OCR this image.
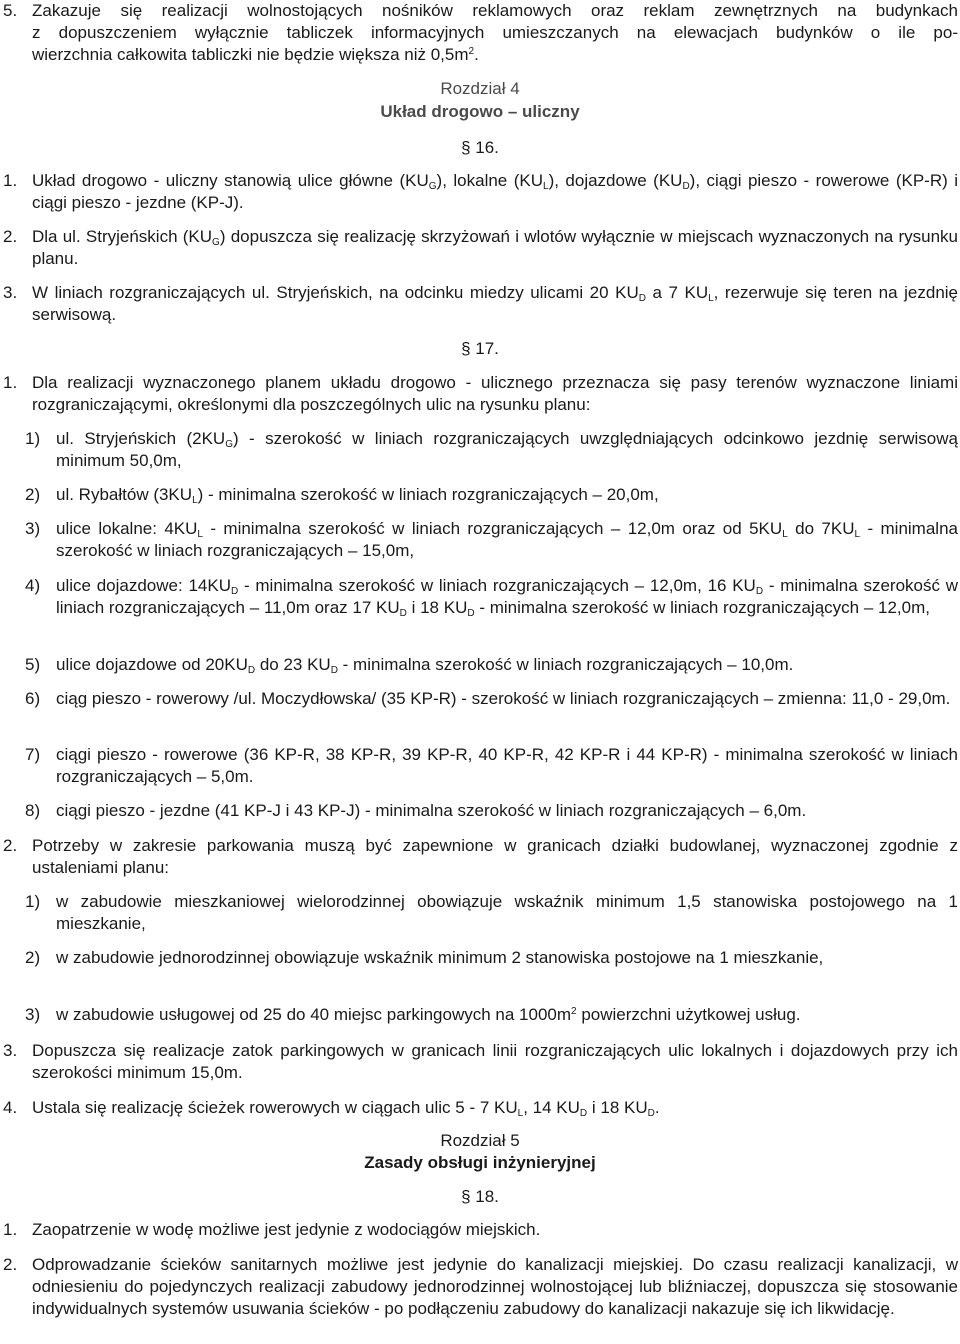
5. Zakazuje się realizacji wolnostojących nośników reklamowych oraz reklam zewnętrznych na budynkach
z dopuszczeniem wyłącznie tabliczek informacyjnych umieszczanych na elewacjach budynków o ile po-
wierzchnia całkowita tabliczki nie będzie większa niż $0,5m^2$.
Rozdział 4
Układ drogowo – uliczny
§ 16.
1. Układ drogowo - uliczny stanowią ulice główne $(KU_G)$, lokalne $(KU_L)$, dojazdowe $(KU_D)$, ciągi pieszo - rowerowe (KP-R) i ciągi pieszo - jezdne (KP-J).
2. Dla ul. Stryjeńskich $(KU_G)$ dopuszcza się realizację skrzyżowań i wlotów wyłącznie w miejscach wyznaczonych na rysunku planu.
3. W liniach rozgraniczających ul. Stryjeńskich, na odcinku miedzy ulicami 20 $KU_D$ a 7 $KU_L$, rezerwuje się teren na jezdnię serwisową.
§ 17.
1. Dla realizacji wyznaczonego planem układu drogowo - ulicznego przeznacza się pasy terenów wyznaczone liniami rozgraniczającymi, określonymi dla poszczególnych ulic na rysunku planu:
1) ul. Stryjeńskich $(2KU_G)$ - szerokość w liniach rozgraniczających uwzględniających odcinkowo jezdnię serwisową minimum 50,0m,
2) ul. Rybałtów $(3KU_L)$ - minimalna szerokość w liniach rozgraniczających – 20,0m,
3) ulice lokalne: $4KU_L$ - minimalna szerokość w liniach rozgraniczających – 12,0m oraz od $5KU_L$ do $7KU_L$ - minimalna szerokość w liniach rozgraniczających – 15,0m,
4) ulice dojazdowe: $14KU_D$ - minimalna szerokość w liniach rozgraniczających – 12,0m, 16 $KU_D$ - minimalna szerokość w liniach rozgraniczających – 11,0m oraz 17 $KU_D$ i 18 $KU_D$ - minimalna szerokość w liniach rozgraniczających – 12,0m,
5) ulice dojazdowe od $20KU_D$ do 23 $KU_D$ - minimalna szerokość w liniach rozgraniczających – 10,0m.
6) ciąg pieszo - rowerowy /ul. Moczydłowska/ (35 KP-R) - szerokość w liniach rozgraniczających – zmienna: 11,0 - 29,0m.
7) ciągi pieszo - rowerowe (36 KP-R, 38 KP-R, 39 KP-R, 40 KP-R, 42 KP-R i 44 KP-R) - minimalna szerokość w liniach rozgraniczających – 5,0m.
8) ciągi pieszo - jezdne (41 KP-J i 43 KP-J) - minimalna szerokość w liniach rozgraniczających – 6,0m.
2. Potrzeby w zakresie parkowania muszą być zapewnione w granicach działki budowlanej, wyznaczonej zgodnie z ustaleniami planu:
1) w zabudowie mieszkaniowej wielorodzinnej obowiązuje wskaźnik minimum 1,5 stanowiska postojowego na 1 mieszkanie,
2) w zabudowie jednorodzinnej obowiązuje wskaźnik minimum 2 stanowiska postojowe na 1 mieszkanie,
3) w zabudowie usługowej od 25 do 40 miejsc parkingowych na $1000m^2$ powierzchni użytkowej usług.
3. Dopuszcza się realizacje zatok parkingowych w granicach linii rozgraniczających ulic lokalnych i dojazdowych przy ich szerokości minimum 15,0m.
4. Ustala się realizację ścieżek rowerowych w ciągach ulic 5 - 7 $KU_L$, 14 $KU_D$ i 18 $KU_D$.
Rozdział 5
Zasady obsługi inżynieryjnej
§ 18.
1. Zaopatrzenie w wodę możliwe jest jedynie z wodociągów miejskich.
2. Odprowadzanie ścieków sanitarnych możliwe jest jedynie do kanalizacji miejskiej. Do czasu realizacji kanalizacji, w odniesieniu do pojedynczych realizacji zabudowy jednorodzinnej wolnostojącej lub bliźniaczej, dopuszcza się stosowanie indywidualnych systemów usuwania ścieków - po podłączeniu zabudowy do kanalizacji nakazuje się ich likwidację.
